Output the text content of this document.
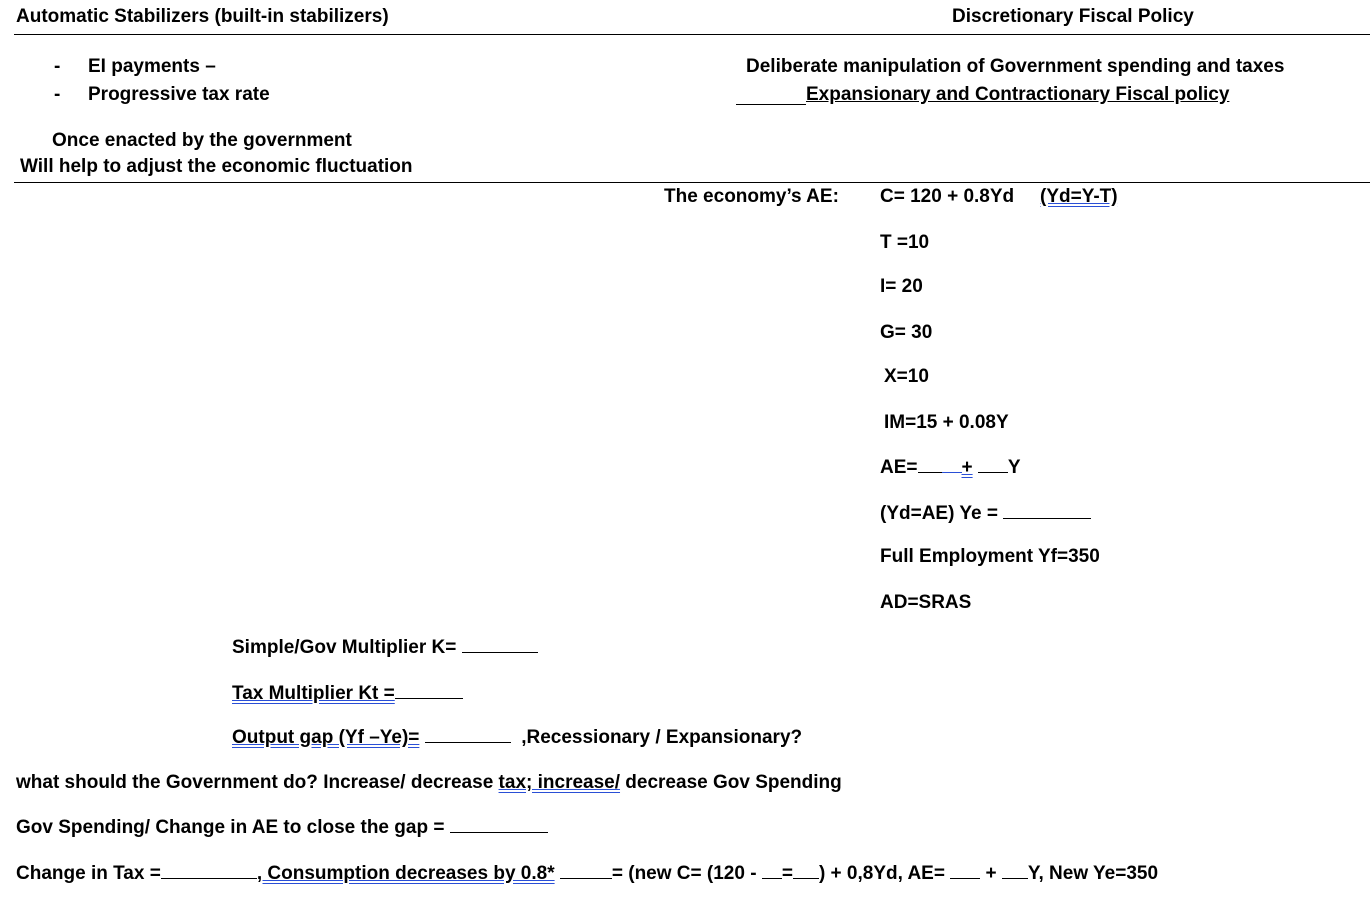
Automatic Stabilizers (built-in stabilizers)	Discretionary Fiscal Policy
- EI payments –
- Progressive tax rate
Once enacted by the government
Will help to adjust the economic fluctuation
Deliberate manipulation of Government spending and taxes
Expansionary and Contractionary Fiscal policy
The economy’s AE: C= 120 + 0.8Yd (Yd=Y-T)
T =10
I= 20
G= 30
X=10
IM=15 + 0.08Y
AE= + Y
(Yd=AE) Ye =
Full Employment Yf=350
AD=SRAS
Simple/Gov Multiplier K=
Tax Multiplier Kt =
Output gap (Yf –Ye)=	,Recessionary / Expansionary?
what should the Government do? Increase/ decrease tax; increase/ decrease Gov Spending
Gov Spending/ Change in AE to close the gap =
Change in Tax =	, Consumption decreases by 0.8*	= (new C= (120 - = ) + 0,8Yd, AE= + Y, New Ye=350
